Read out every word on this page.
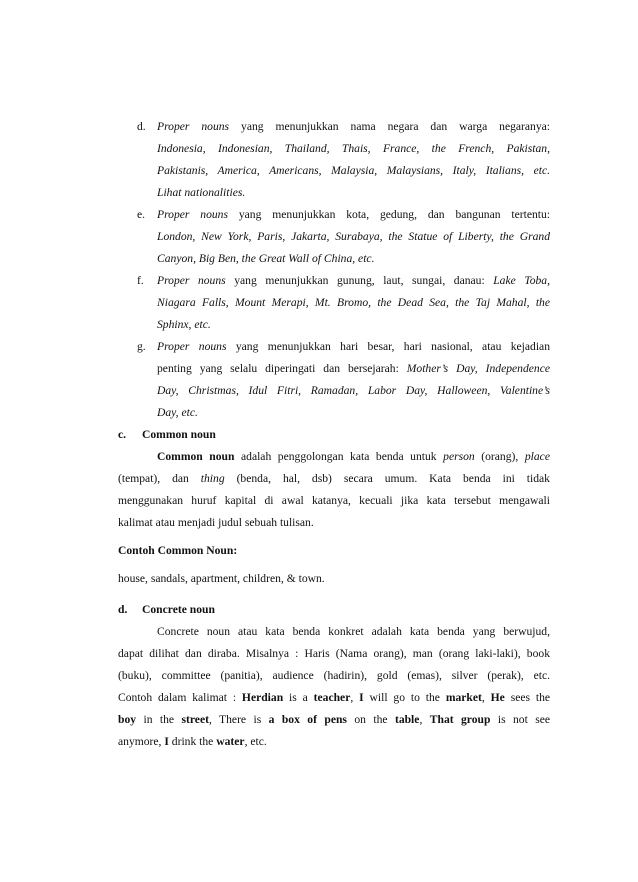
d. Proper nouns yang menunjukkan nama negara dan warga negaranya:
Indonesia, Indonesian, Thailand, Thais, France, the French, Pakistan,
Pakistanis, America, Americans, Malaysia, Malaysians, Italy, Italians, etc.
Lihat nationalities.
e. Proper nouns yang menunjukkan kota, gedung, dan bangunan tertentu:
London, New York, Paris, Jakarta, Surabaya, the Statue of Liberty, the Grand
Canyon, Big Ben, the Great Wall of China, etc.
f. Proper nouns yang menunjukkan gunung, laut, sungai, danau: Lake Toba,
Niagara Falls, Mount Merapi, Mt. Bromo, the Dead Sea, the Taj Mahal, the
Sphinx, etc.
g. Proper nouns yang menunjukkan hari besar, hari nasional, atau kejadian
penting yang selalu diperingati dan bersejarah: Mother’s Day, Independence
Day, Christmas, Idul Fitri, Ramadan, Labor Day, Halloween, Valentine’s
Day, etc.
c. Common noun
Common noun adalah penggolongan kata benda untuk person (orang), place
(tempat), dan thing (benda, hal, dsb) secara umum. Kata benda ini tidak
menggunakan huruf kapital di awal katanya, kecuali jika kata tersebut mengawali
kalimat atau menjadi judul sebuah tulisan.
Contoh Common Noun:
house, sandals, apartment, children, & town.
d. Concrete noun
Concrete noun atau kata benda konkret adalah kata benda yang berwujud,
dapat dilihat dan diraba. Misalnya : Haris (Nama orang), man (orang laki-laki), book
(buku), committee (panitia), audience (hadirin), gold (emas), silver (perak), etc.
Contoh dalam kalimat : Herdian is a teacher, I will go to the market, He sees the
boy in the street, There is a box of pens on the table, That group is not see
anymore, I drink the water, etc.
